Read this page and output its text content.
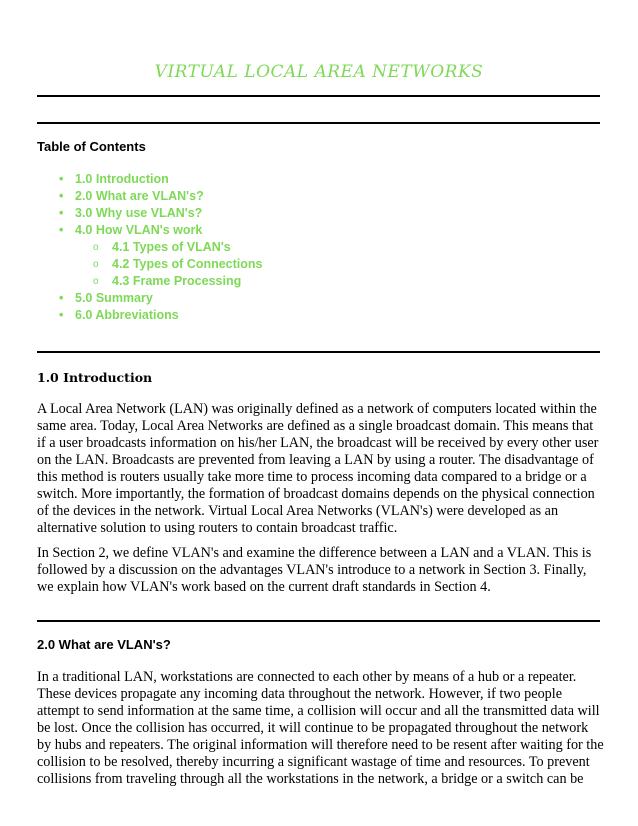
VIRTUAL LOCAL AREA NETWORKS
Table of Contents
• 1.0 Introduction
• 2.0 What are VLAN's?
• 3.0 Why use VLAN's?
• 4.0 How VLAN's work
o 4.1 Types of VLAN's
o 4.2 Types of Connections
o 4.3 Frame Processing
• 5.0 Summary
• 6.0 Abbreviations
1.0 Introduction
A Local Area Network (LAN) was originally defined as a network of computers located within the
same area. Today, Local Area Networks are defined as a single broadcast domain. This means that
if a user broadcasts information on his/her LAN, the broadcast will be received by every other user
on the LAN. Broadcasts are prevented from leaving a LAN by using a router. The disadvantage of
this method is routers usually take more time to process incoming data compared to a bridge or a
switch. More importantly, the formation of broadcast domains depends on the physical connection
of the devices in the network. Virtual Local Area Networks (VLAN's) were developed as an
alternative solution to using routers to contain broadcast traffic.
In Section 2, we define VLAN's and examine the difference between a LAN and a VLAN. This is
followed by a discussion on the advantages VLAN's introduce to a network in Section 3. Finally,
we explain how VLAN's work based on the current draft standards in Section 4.
2.0 What are VLAN's?
In a traditional LAN, workstations are connected to each other by means of a hub or a repeater.
These devices propagate any incoming data throughout the network. However, if two people
attempt to send information at the same time, a collision will occur and all the transmitted data will
be lost. Once the collision has occurred, it will continue to be propagated throughout the network
by hubs and repeaters. The original information will therefore need to be resent after waiting for the
collision to be resolved, thereby incurring a significant wastage of time and resources. To prevent
collisions from traveling through all the workstations in the network, a bridge or a switch can be
